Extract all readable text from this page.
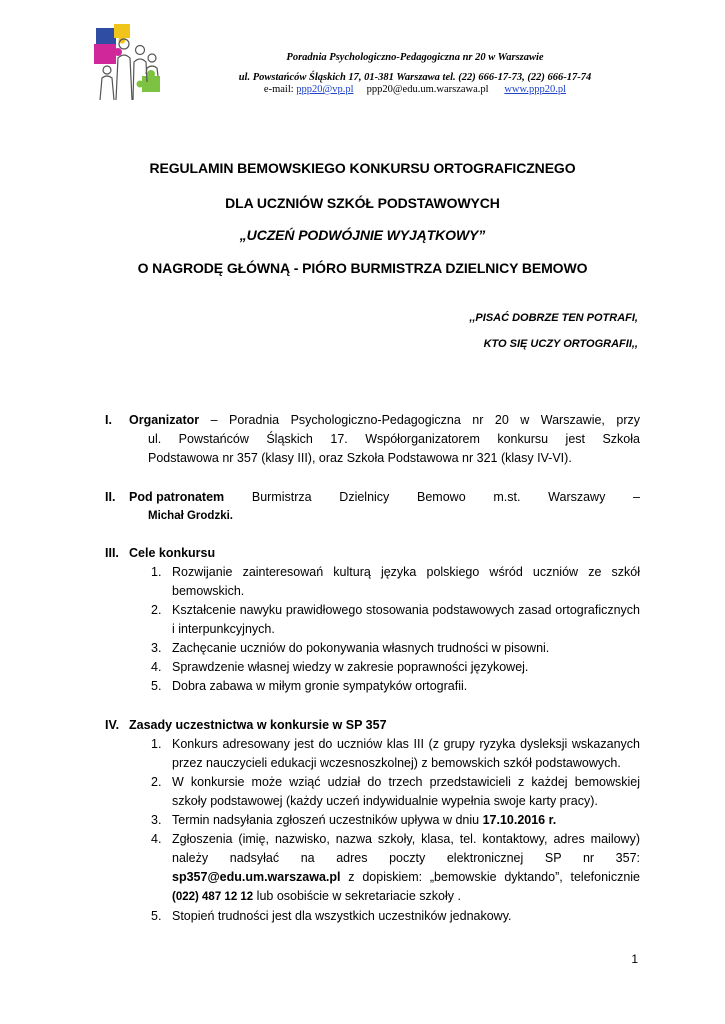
Poradnia Psychologiczno-Pedagogiczna nr 20 w Warszawie
ul. Powstańców Śląskich 17, 01-381 Warszawa tel. (22) 666-17-73, (22) 666-17-74
e-mail: ppp20@vp.pl ppp20@edu.um.warszawa.pl www.ppp20.pl
REGULAMIN BEMOWSKIEGO KONKURSU ORTOGRAFICZNEGO
DLA UCZNIÓW SZKÓŁ PODSTAWOWYCH
„UCZEŃ PODWÓJNIE WYJĄTKOWY”
O NAGRODĘ GŁÓWNĄ - PIÓRO BURMISTRZA DZIELNICY BEMOWO
,,PISAĆ DOBRZE TEN POTRAFI,
KTO SIĘ UCZY ORTOGRAFII,,
I. Organizator – Poradnia Psychologiczno-Pedagogiczna nr 20 w Warszawie, przy
ul. Powstańców Śląskich 17. Współorganizatorem konkursu jest Szkoła
Podstawowa nr 357 (klasy III), oraz Szkoła Podstawowa nr 321 (klasy IV-VI).
II. Pod patronatem Burmistrza Dzielnicy Bemowo m.st. Warszawy –
Michał Grodzki.
III. Cele konkursu
1. Rozwijanie zainteresowań kulturą języka polskiego wśród uczniów ze szkół bemowskich.
2. Kształcenie nawyku prawidłowego stosowania podstawowych zasad ortograficznych i interpunkcyjnych.
3. Zachęcanie uczniów do pokonywania własnych trudności w pisowni.
4. Sprawdzenie własnej wiedzy w zakresie poprawności językowej.
5. Dobra zabawa w miłym gronie sympatyków ortografii.
IV. Zasady uczestnictwa w konkursie w SP 357
1. Konkurs adresowany jest do uczniów klas III (z grupy ryzyka dysleksji wskazanych przez nauczycieli edukacji wczesnoszkolnej) z bemowskich szkół podstawowych.
2. W konkursie może wziąć udział do trzech przedstawicieli z każdej bemowskiej szkoły podstawowej (każdy uczeń indywidualnie wypełnia swoje karty pracy).
3. Termin nadsyłania zgłoszeń uczestników upływa w dniu 17.10.2016 r.
4. Zgłoszenia (imię, nazwisko, nazwa szkoły, klasa, tel. kontaktowy, adres mailowy) należy nadsyłać na adres poczty elektronicznej SP nr 357: sp357@edu.um.warszawa.pl z dopiskiem: „bemowskie dyktando”, telefonicznie (022) 487 12 12 lub osobiście w sekretariacie szkoły .
5. Stopień trudności jest dla wszystkich uczestników jednakowy.
1
